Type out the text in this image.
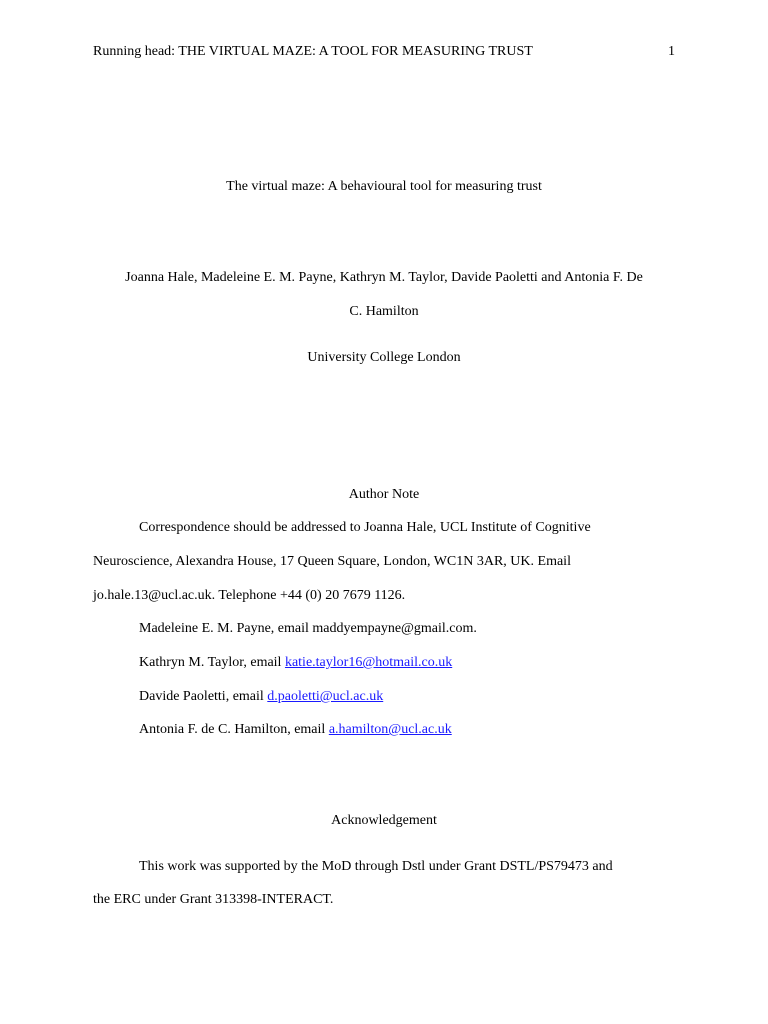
Running head: THE VIRTUAL MAZE: A TOOL FOR MEASURING TRUST	1
The virtual maze: A behavioural tool for measuring trust
Joanna Hale, Madeleine E. M. Payne, Kathryn M. Taylor, Davide Paoletti and Antonia F. De
C. Hamilton
University College London
Author Note
Correspondence should be addressed to Joanna Hale, UCL Institute of Cognitive
Neuroscience, Alexandra House, 17 Queen Square, London, WC1N 3AR, UK. Email
jo.hale.13@ucl.ac.uk. Telephone +44 (0) 20 7679 1126.
Madeleine E. M. Payne, email maddyempayne@gmail.com.
Kathryn M. Taylor, email katie.taylor16@hotmail.co.uk
Davide Paoletti, email d.paoletti@ucl.ac.uk
Antonia F. de C. Hamilton, email a.hamilton@ucl.ac.uk
Acknowledgement
This work was supported by the MoD through Dstl under Grant DSTL/PS79473 and
the ERC under Grant 313398-INTERACT.
